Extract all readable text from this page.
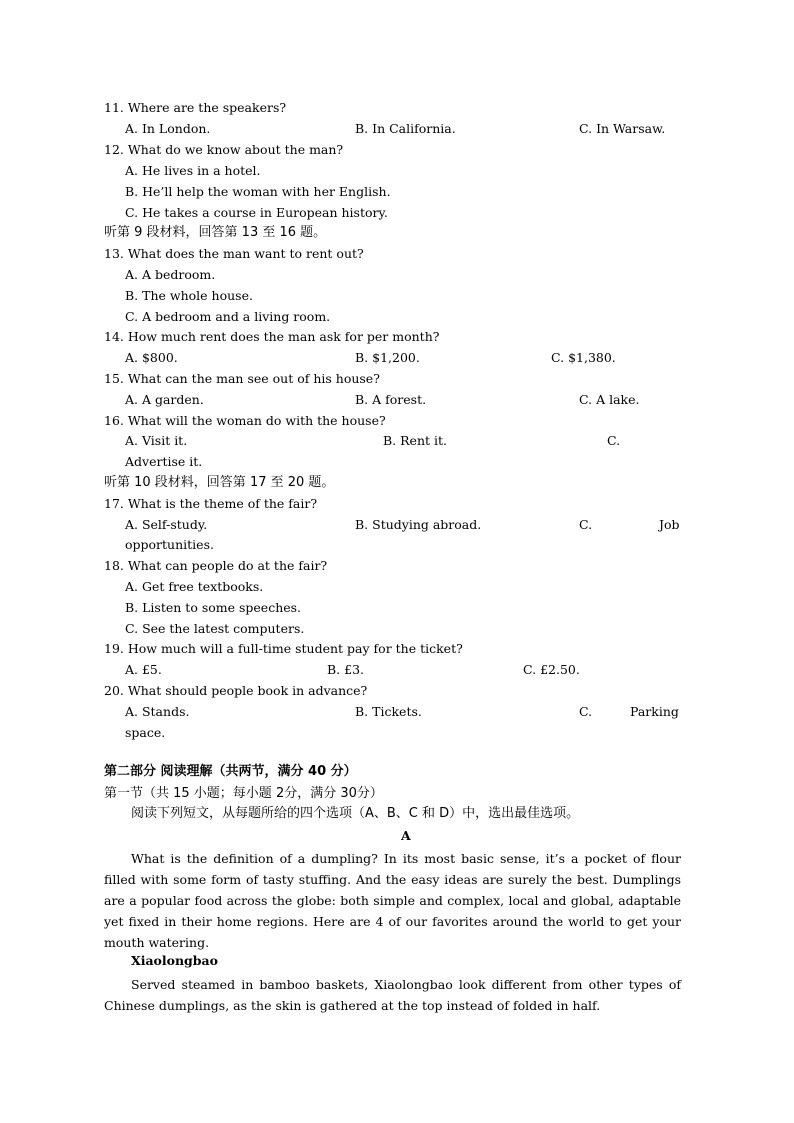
11. Where are the speakers?
A. In London.	B. In California.	C. In Warsaw.
12. What do we know about the man?
A. He lives in a hotel.
B. He’ll help the woman with her English.
C. He takes a course in European history.
听第 9 段材料，回答第 13 至 16 题。
13. What does the man want to rent out?
A. A bedroom.
B. The whole house.
C. A bedroom and a living room.
14. How much rent does the man ask for per month?
A. $800.	B. $1,200.	C. $1,380.
15. What can the man see out of his house?
A. A garden.	B. A forest.	C. A lake.
16. What will the woman do with the house?
A. Visit it.	B. Rent it.	C.
Advertise it.
听第 10 段材料，回答第 17 至 20 题。
17. What is the theme of the fair?
A. Self-study.	B. Studying abroad.	C.	Job
opportunities.
18. What can people do at the fair?
A. Get free textbooks.
B. Listen to some speeches.
C. See the latest computers.
19. How much will a full-time student pay for the ticket?
A. £5.	B. £3.	C. £2.50.
20. What should people book in advance?
A. Stands.	B. Tickets.	C.	Parking
space.
第二部分 阅读理解（共两节，满分 40 分）
第一节（共 15 小题；每小题 2分，满分 30分）
阅读下列短文，从每题所给的四个选项（A、B、C 和 D）中，选出最佳选项。
A
What is the definition of a dumpling? In its most basic sense, it’s a pocket of flour filled with some form of tasty stuffing. And the easy ideas are surely the best. Dumplings are a popular food across the globe: both simple and complex, local and global, adaptable yet fixed in their home regions. Here are 4 of our favorites around the world to get your mouth watering.
Xiaolongbao
Served steamed in bamboo baskets, Xiaolongbao look different from other types of Chinese dumplings, as the skin is gathered at the top instead of folded in half.
